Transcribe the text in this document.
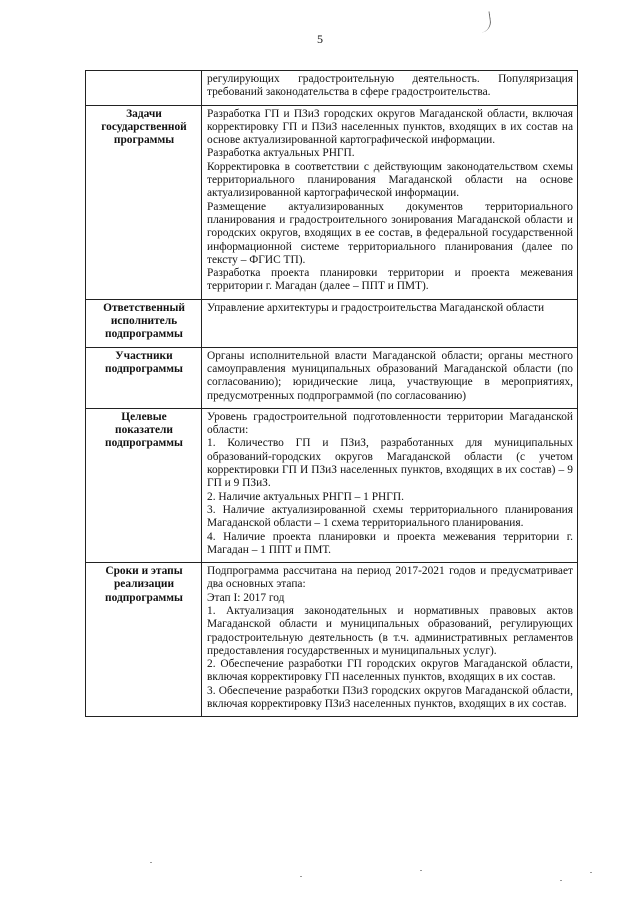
5

	регулирующих градостроительную деятельность. Популяризация требований законодательства в сфере градостроительства.

Задачи государственной программы	Разработка ГП и ПЗиЗ городских округов Магаданской области, включая корректировку ГП и ПЗиЗ населенных пунктов, входящих в их состав на основе актуализированной картографической информации.
Разработка актуальных РНГП.
Корректировка в соответствии с действующим законодательством схемы территориального планирования Магаданской области на основе актуализированной картографической информации.
Размещение актуализированных документов территориального планирования и градостроительного зонирования Магаданской области и городских округов, входящих в ее состав, в федеральной государственной информационной системе территориального планирования (далее по тексту – ФГИС ТП).
Разработка проекта планировки территории и проекта межевания территории г. Магадан (далее – ППТ и ПМТ).

Ответственный исполнитель подпрограммы	Управление архитектуры и градостроительства Магаданской области

Участники подпрограммы	Органы исполнительной власти Магаданской области; органы местного самоуправления муниципальных образований Магаданской области (по согласованию); юридические лица, участвующие в мероприятиях, предусмотренных подпрограммой (по согласованию)

Целевые показатели подпрограммы	Уровень градостроительной подготовленности территории Магаданской области:
1. Количество ГП и ПЗиЗ, разработанных для муниципальных образований-городских округов Магаданской области (с учетом корректировки ГП И ПЗиЗ населенных пунктов, входящих в их состав) – 9 ГП и 9 ПЗиЗ.
2. Наличие актуальных РНГП – 1 РНГП.
3. Наличие актуализированной схемы территориального планирования Магаданской области – 1 схема территориального планирования.
4. Наличие проекта планировки и проекта межевания территории г. Магадан – 1 ППТ и ПМТ.

Сроки и этапы реализации подпрограммы	Подпрограмма рассчитана на период 2017-2021 годов и предусматривает два основных этапа:
Этап I: 2017 год
1. Актуализация законодательных и нормативных правовых актов Магаданской области и муниципальных образований, регулирующих градостроительную деятельность (в т.ч. административных регламентов предоставления государственных и муниципальных услуг).
2. Обеспечение разработки ГП городских округов Магаданской области, включая корректировку ГП населенных пунктов, входящих в их состав.
3. Обеспечение разработки ПЗиЗ городских округов Магаданской области, включая корректировку ПЗиЗ населенных пунктов, входящих в их состав.
